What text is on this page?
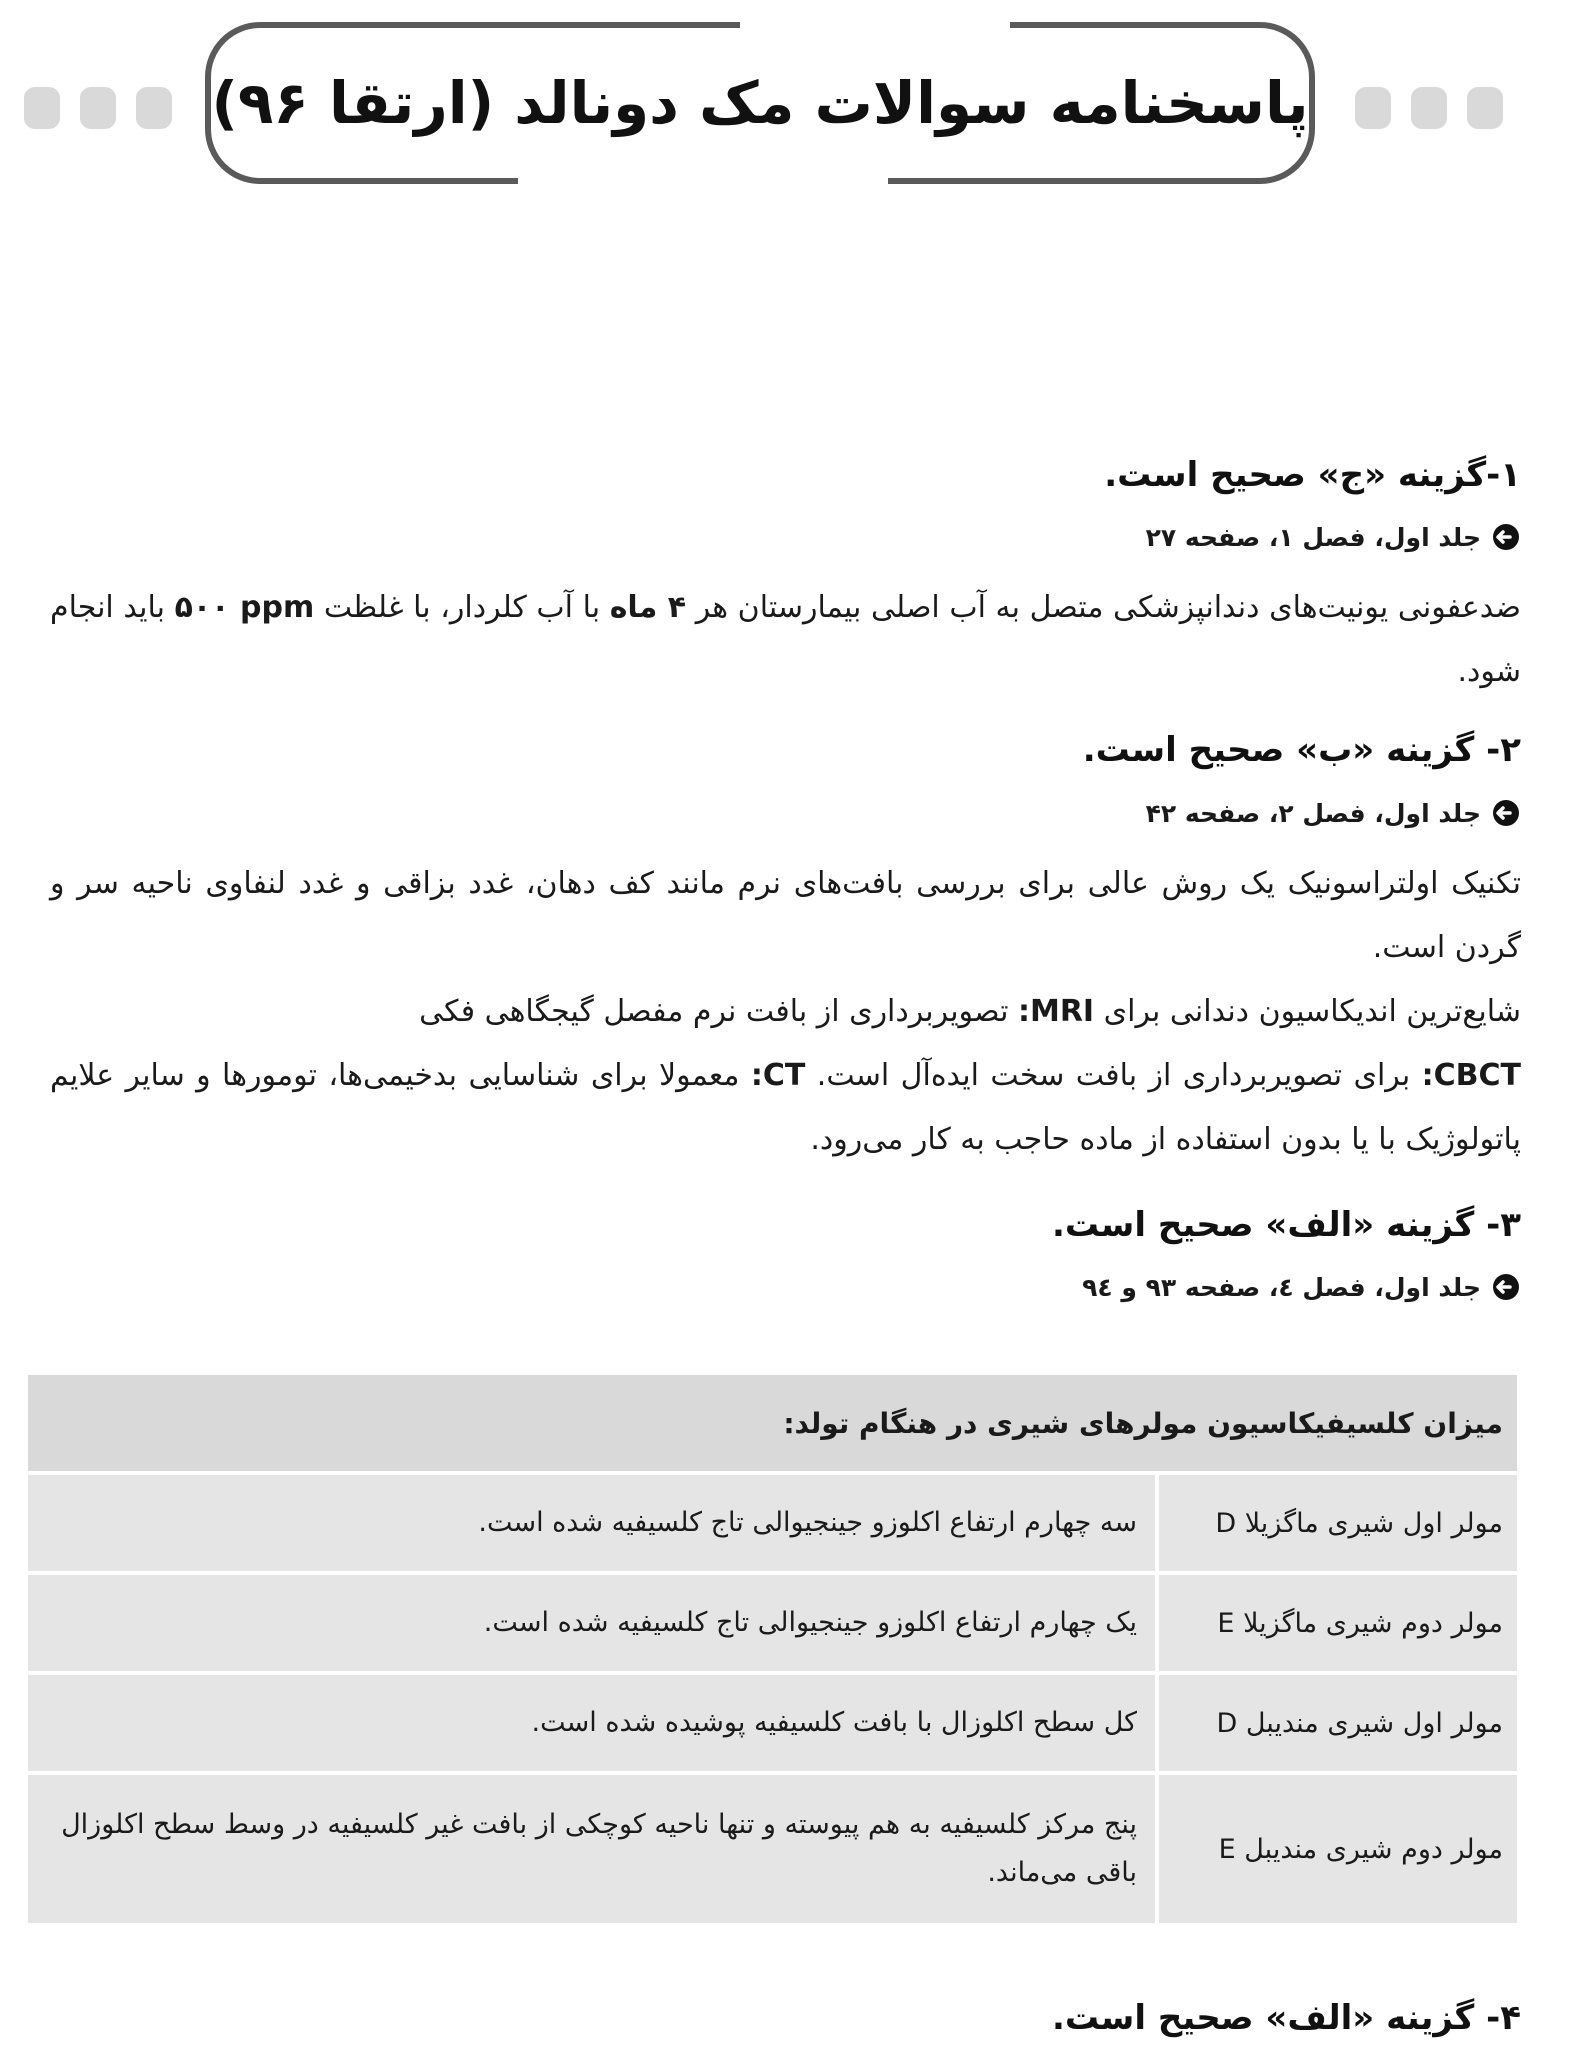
پاسخنامه سوالات مک دونالد (ارتقا ۹۶)
۱-گزینه «ج» صحیح است.
جلد اول، فصل ۱، صفحه ۲۷
ضدعفونی یونیت‌های دندانپزشکی متصل به آب اصلی بیمارستان هر ۴ ماه با آب کلردار، با غلظت ۵۰۰ ppm باید انجام شود.
۲- گزینه «ب» صحیح است.
جلد اول، فصل ۲، صفحه ۴۲
تکنیک اولتراسونیک یک روش عالی برای بررسی بافت‌های نرم مانند کف دهان، غدد بزاقی و غدد لنفاوی ناحیه سر و گردن است.
شایع‌ترین اندیکاسیون دندانی برای MRI: تصویربرداری از بافت نرم مفصل گیجگاهی فکی
CBCT: برای تصویربرداری از بافت سخت ایده‌آل است. CT: معمولا برای شناسایی بدخیمی‌ها، تومورها و سایر علایم پاتولوژیک با یا بدون استفاده از ماده حاجب به کار می‌رود.
۳- گزینه «الف» صحیح است.
جلد اول، فصل ٤، صفحه ۹۳ و ۹٤
۴- گزینه «الف» صحیح است.
میزان کلسیفیکاسیون مولرهای شیری در هنگام تولد:
مولر اول شیری ماگزیلا D
سه چهارم ارتفاع اکلوزو جینجیوالی تاج کلسیفیه شده است.
مولر دوم شیری ماگزیلا E
یک چهارم ارتفاع اکلوزو جینجیوالی تاج کلسیفیه شده است.
مولر اول شیری مندیبل D
کل سطح اکلوزال با بافت کلسیفیه پوشیده شده است.
مولر دوم شیری مندیبل E
پنج مرکز کلسیفیه به هم پیوسته و تنها ناحیه کوچکی از بافت غیر کلسیفیه در وسط سطح اکلوزال باقی می‌ماند.
